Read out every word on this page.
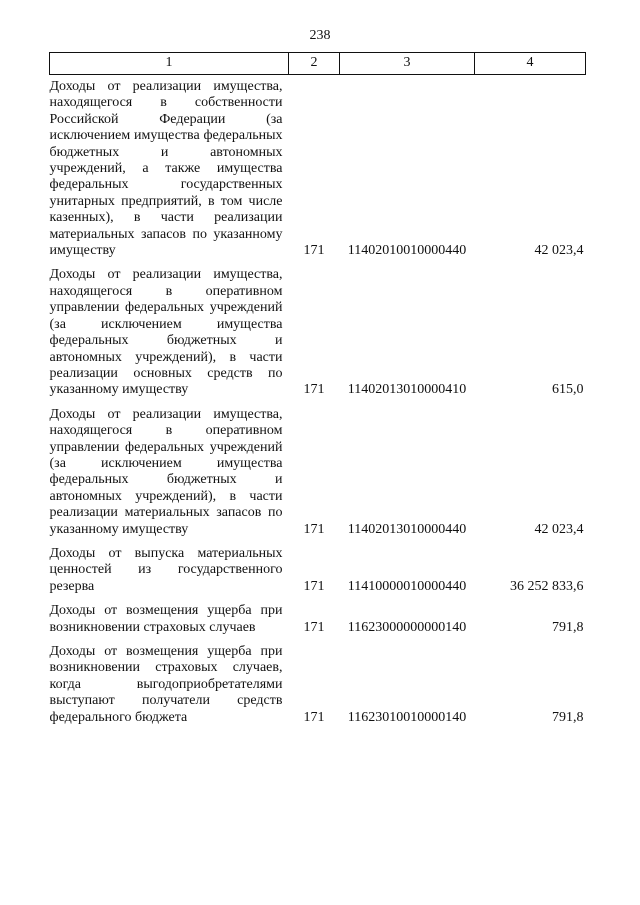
238
1	2	3	4
Доходы от реализации имущества, находящегося в собственности Российской Федерации (за исключением имущества федеральных бюджетных и автономных учреждений, а также имущества федеральных государственных унитарных предприятий, в том числе казенных), в части реализации материальных запасов по указанному имуществу	171	11402010010000440	42 023,4
Доходы от реализации имущества, находящегося в оперативном управлении федеральных учреждений (за исключением имущества федеральных бюджетных и автономных учреждений), в части реализации основных средств по указанному имуществу	171	11402013010000410	615,0
Доходы от реализации имущества, находящегося в оперативном управлении федеральных учреждений (за исключением имущества федеральных бюджетных и автономных учреждений), в части реализации материальных запасов по указанному имуществу	171	11402013010000440	42 023,4
Доходы от выпуска материальных ценностей из государственного резерва	171	11410000010000440	36 252 833,6
Доходы от возмещения ущерба при возникновении страховых случаев	171	11623000000000140	791,8
Доходы от возмещения ущерба при возникновении страховых случаев, когда выгодоприобретателями выступают получатели средств федерального бюджета	171	11623010010000140	791,8
